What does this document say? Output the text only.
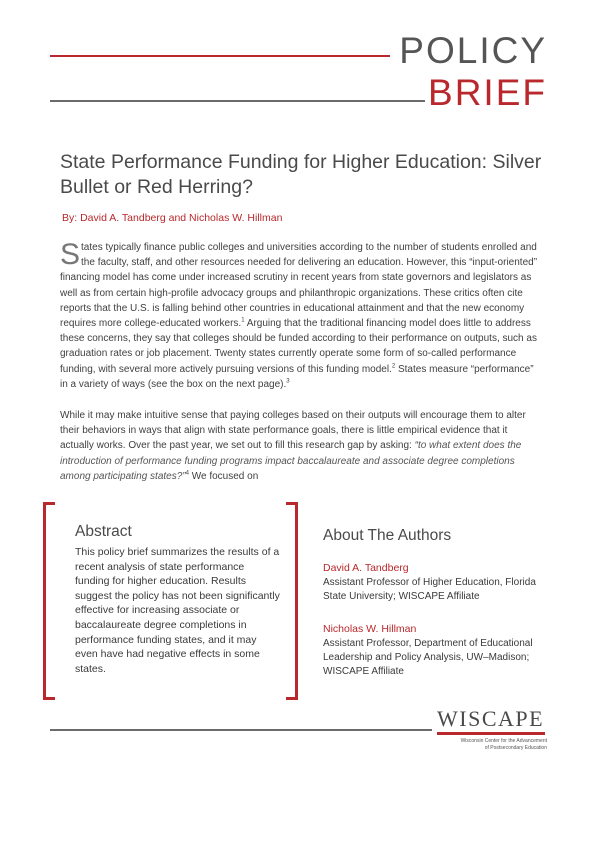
POLICY
BRIEF
State Performance Funding for Higher Education: Silver Bullet or Red Herring?
By: David A. Tandberg and Nicholas W. Hillman

States typically finance public colleges and universities according to the number of students enrolled and the faculty, staff, and other resources needed for delivering an education. However, this “input-oriented” financing model has come under increased scrutiny in recent years from state governors and legislators as well as from certain high-profile advocacy groups and philanthropic organizations. These critics often cite reports that the U.S. is falling behind other countries in educational attainment and that the new economy requires more college-educated workers.$^1$ Arguing that the traditional financing model does little to address these concerns, they say that colleges should be funded according to their performance on outputs, such as graduation rates or job placement. Twenty states currently operate some form of so-called performance funding, with several more actively pursuing versions of this funding model.$^2$ States measure “performance” in a variety of ways (see the box on the next page).$^3$

While it may make intuitive sense that paying colleges based on their outputs will encourage them to alter their behaviors in ways that align with state performance goals, there is little empirical evidence that it actually works. Over the past year, we set out to fill this research gap by asking: “to what extent does the introduction of performance funding programs impact baccalaureate and associate degree completions among participating states?”$^4$ We focused on

Abstract

This policy brief summarizes the results of a recent analysis of state performance funding for higher education. Results suggest the policy has not been significantly effective for increasing associate or baccalaureate degree completions in performance funding states, and it may even have had negative effects in some states.

About The Authors
David A. Tandberg
Assistant Professor of Higher Education, Florida State University; WISCAPE Affiliate
Nicholas W. Hillman
Assistant Professor, Department of Educational Leadership and Policy Analysis, UW–Madison; WISCAPE Affiliate
WISCAPE
Wisconsin Center for the Advancement
of Postsecondary Education
